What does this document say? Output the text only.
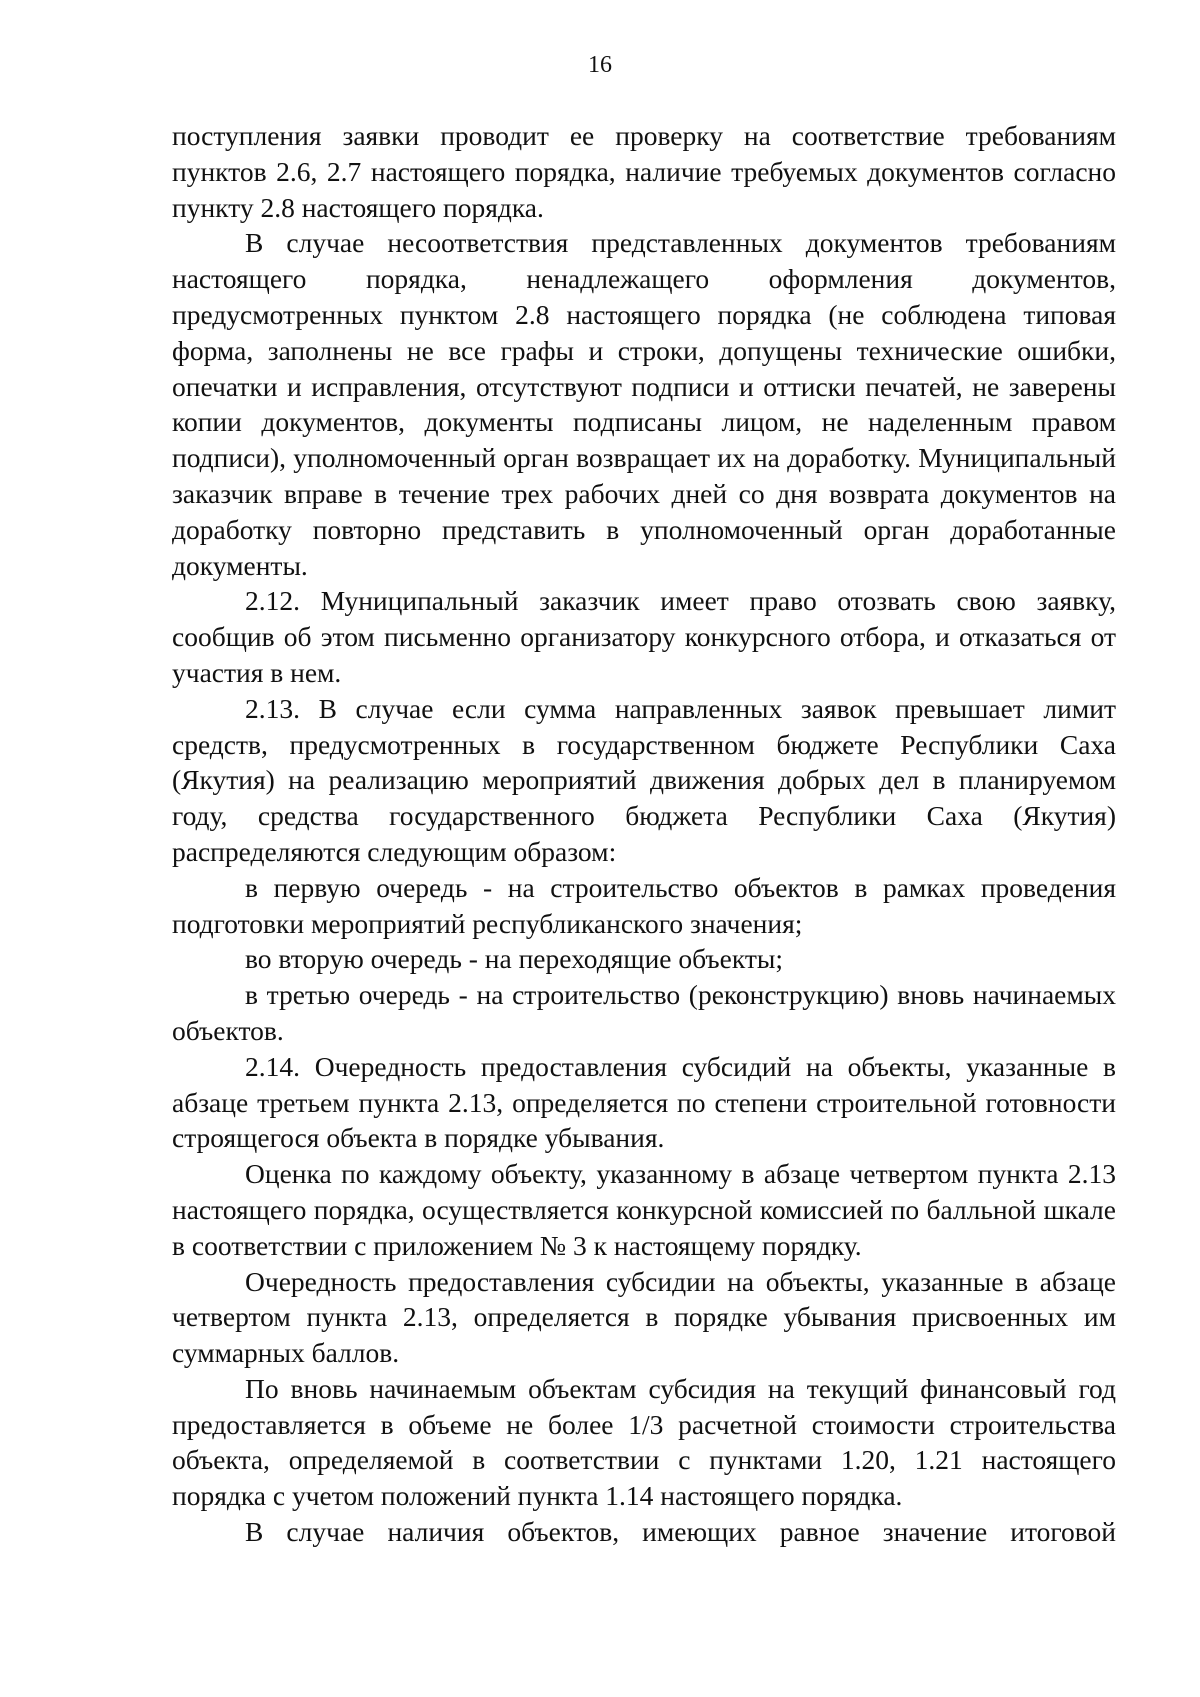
16

поступления заявки проводит ее проверку на соответствие требованиям пунктов 2.6, 2.7 настоящего порядка, наличие требуемых документов согласно пункту 2.8 настоящего порядка.

В случае несоответствия представленных документов требованиям настоящего порядка, ненадлежащего оформления документов, предусмотренных пунктом 2.8 настоящего порядка (не соблюдена типовая форма, заполнены не все графы и строки, допущены технические ошибки, опечатки и исправления, отсутствуют подписи и оттиски печатей, не заверены копии документов, документы подписаны лицом, не наделенным правом подписи), уполномоченный орган возвращает их на доработку. Муниципальный заказчик вправе в течение трех рабочих дней со дня возврата документов на доработку повторно представить в уполномоченный орган доработанные документы.

2.12. Муниципальный заказчик имеет право отозвать свою заявку, сообщив об этом письменно организатору конкурсного отбора, и отказаться от участия в нем.

2.13. В случае если сумма направленных заявок превышает лимит средств, предусмотренных в государственном бюджете Республики Саха (Якутия) на реализацию мероприятий движения добрых дел в планируемом году, средства государственного бюджета Республики Саха (Якутия) распределяются следующим образом:

в первую очередь - на строительство объектов в рамках проведения подготовки мероприятий республиканского значения;

во вторую очередь - на переходящие объекты;

в третью очередь - на строительство (реконструкцию) вновь начинаемых объектов.

2.14. Очередность предоставления субсидий на объекты, указанные в абзаце третьем пункта 2.13, определяется по степени строительной готовности строящегося объекта в порядке убывания.

Оценка по каждому объекту, указанному в абзаце четвертом пункта 2.13 настоящего порядка, осуществляется конкурсной комиссией по балльной шкале в соответствии с приложением № 3 к настоящему порядку.

Очередность предоставления субсидии на объекты, указанные в абзаце четвертом пункта 2.13, определяется в порядке убывания присвоенных им суммарных баллов.

По вновь начинаемым объектам субсидия на текущий финансовый год предоставляется в объеме не более 1/3 расчетной стоимости строительства объекта, определяемой в соответствии с пунктами 1.20, 1.21 настоящего порядка с учетом положений пункта 1.14 настоящего порядка.

В случае наличия объектов, имеющих равное значение итоговой
